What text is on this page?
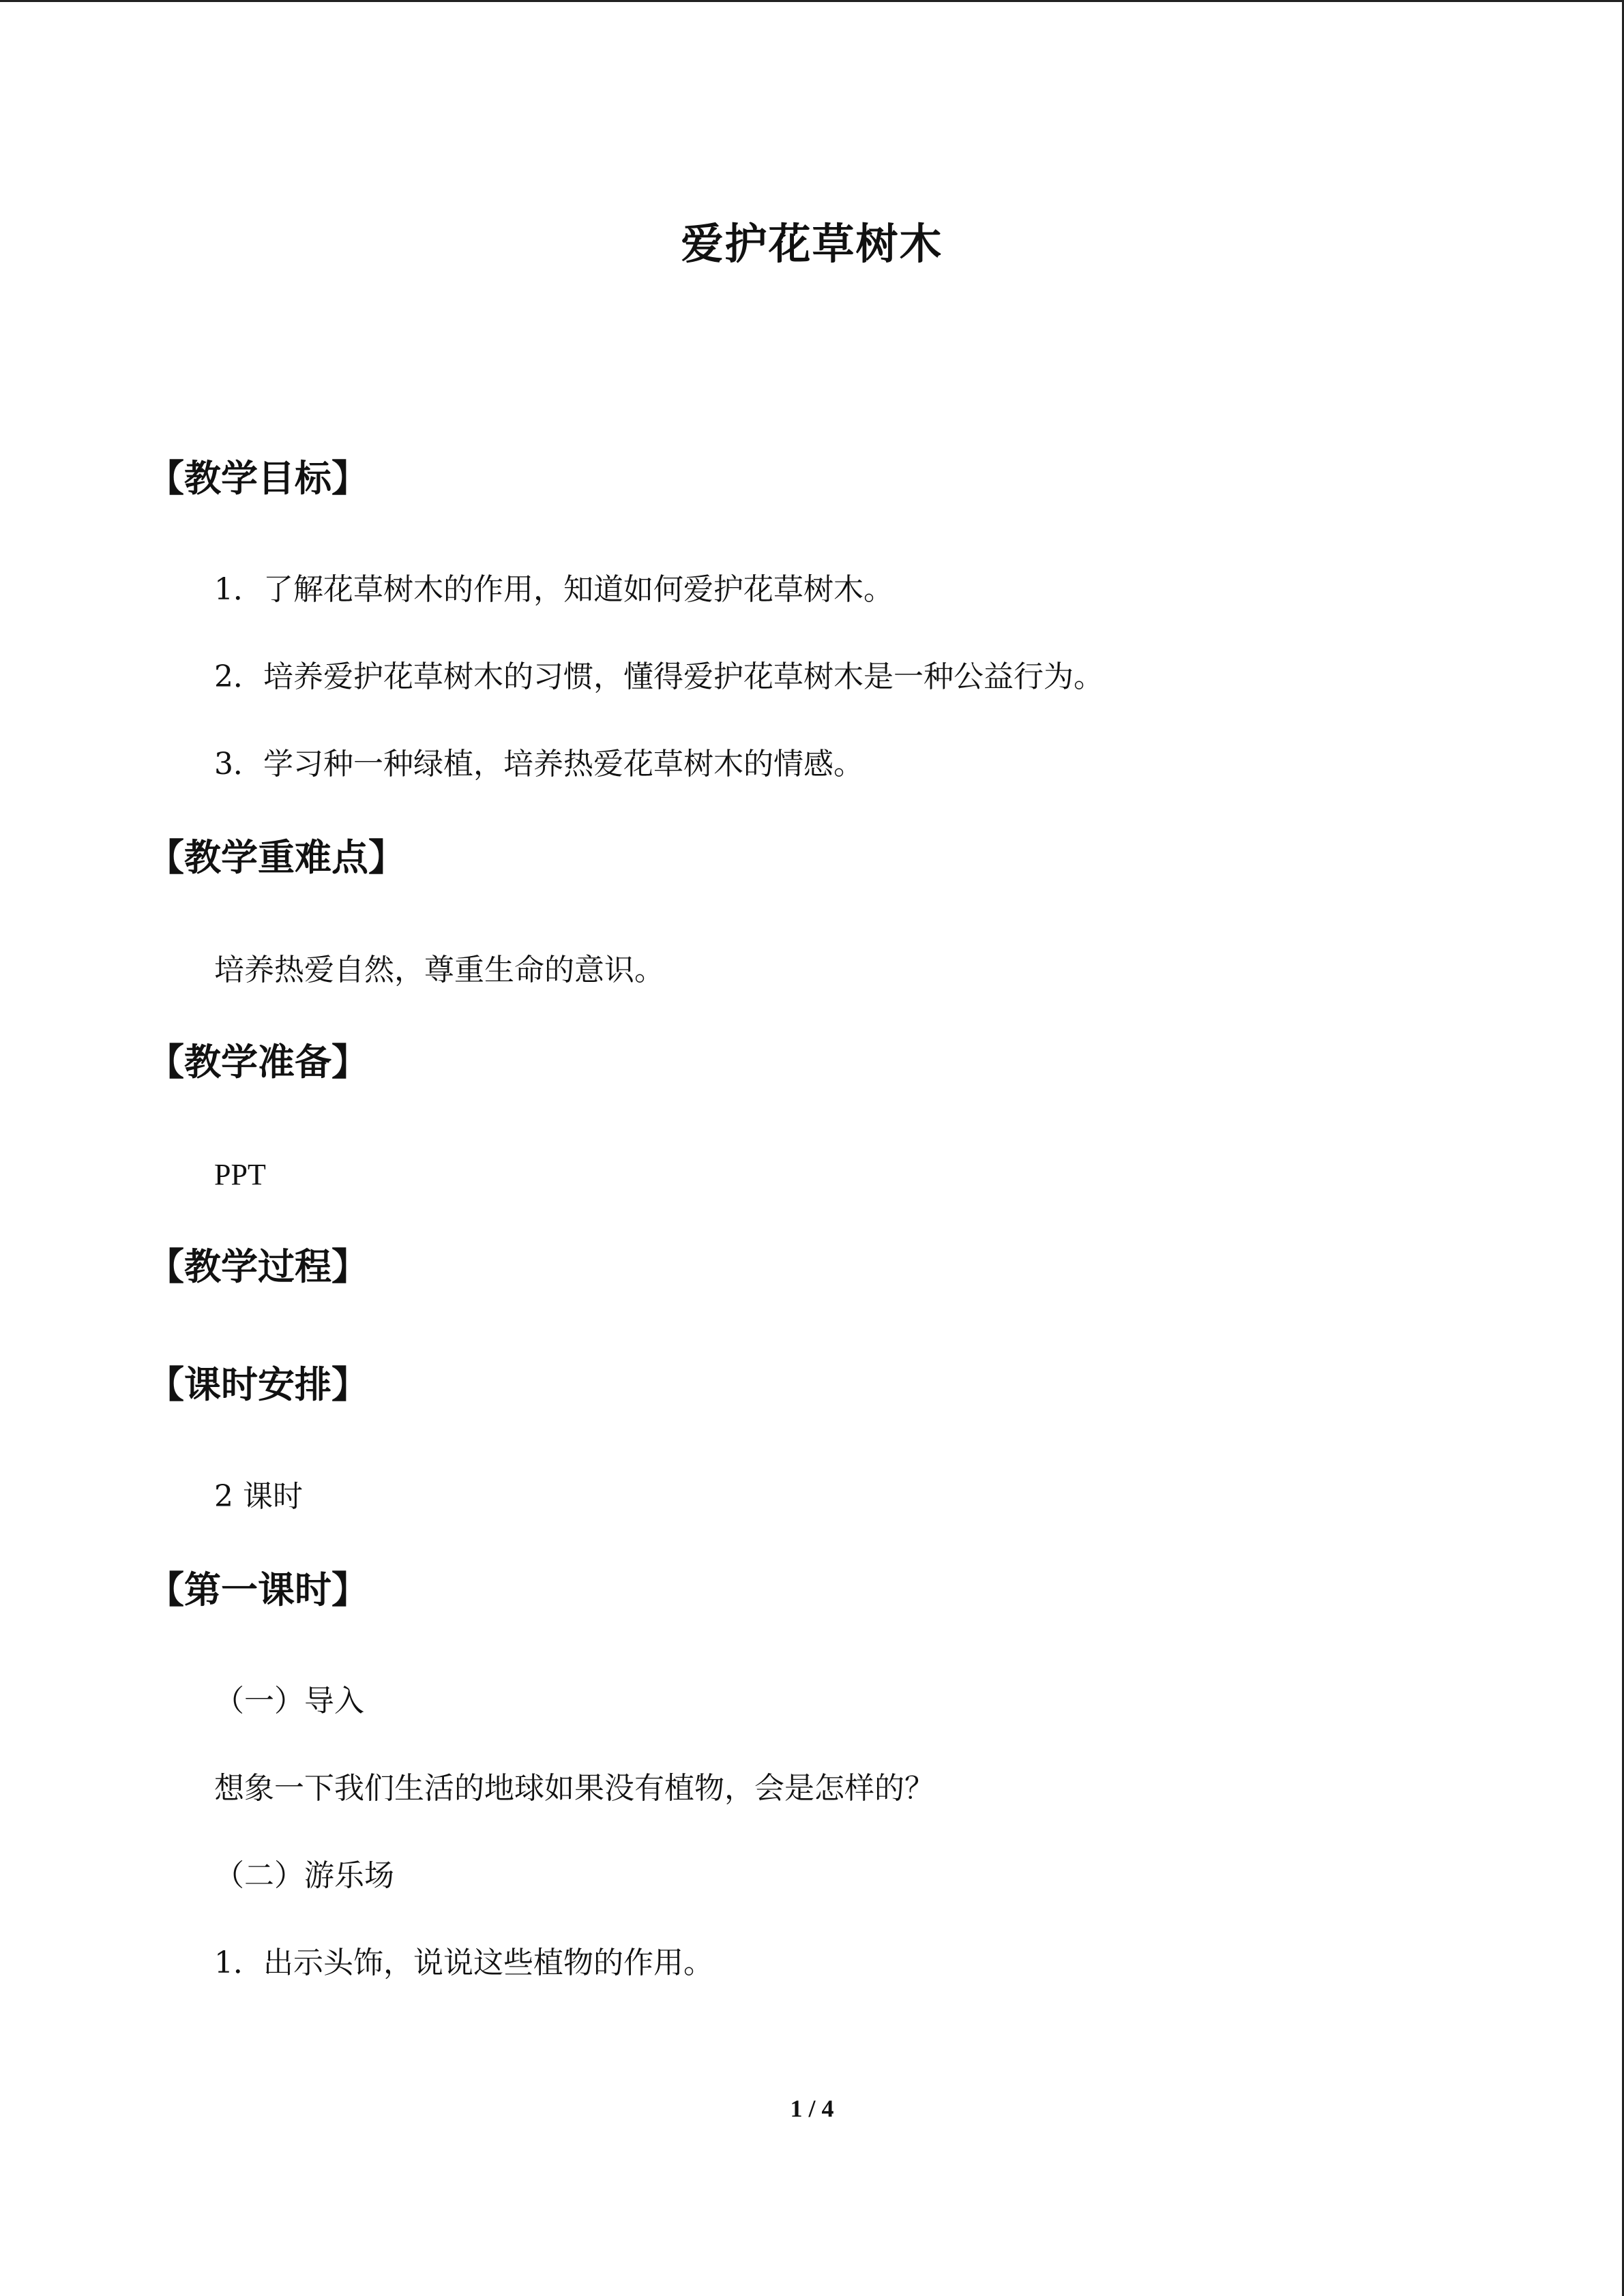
爱护花草树木
【教学目标】
1．了解花草树木的作用，知道如何爱护花草树木。
2．培养爱护花草树木的习惯，懂得爱护花草树木是一种公益行为。
3．学习种一种绿植，培养热爱花草树木的情感。
【教学重难点】
培养热爱自然，尊重生命的意识。
【教学准备】
PPT
【教学过程】
【课时安排】
2 课时
【第一课时】
（一）导入
想象一下我们生活的地球如果没有植物，会是怎样的？
（二）游乐场
1．出示头饰，说说这些植物的作用。
1 / 4
